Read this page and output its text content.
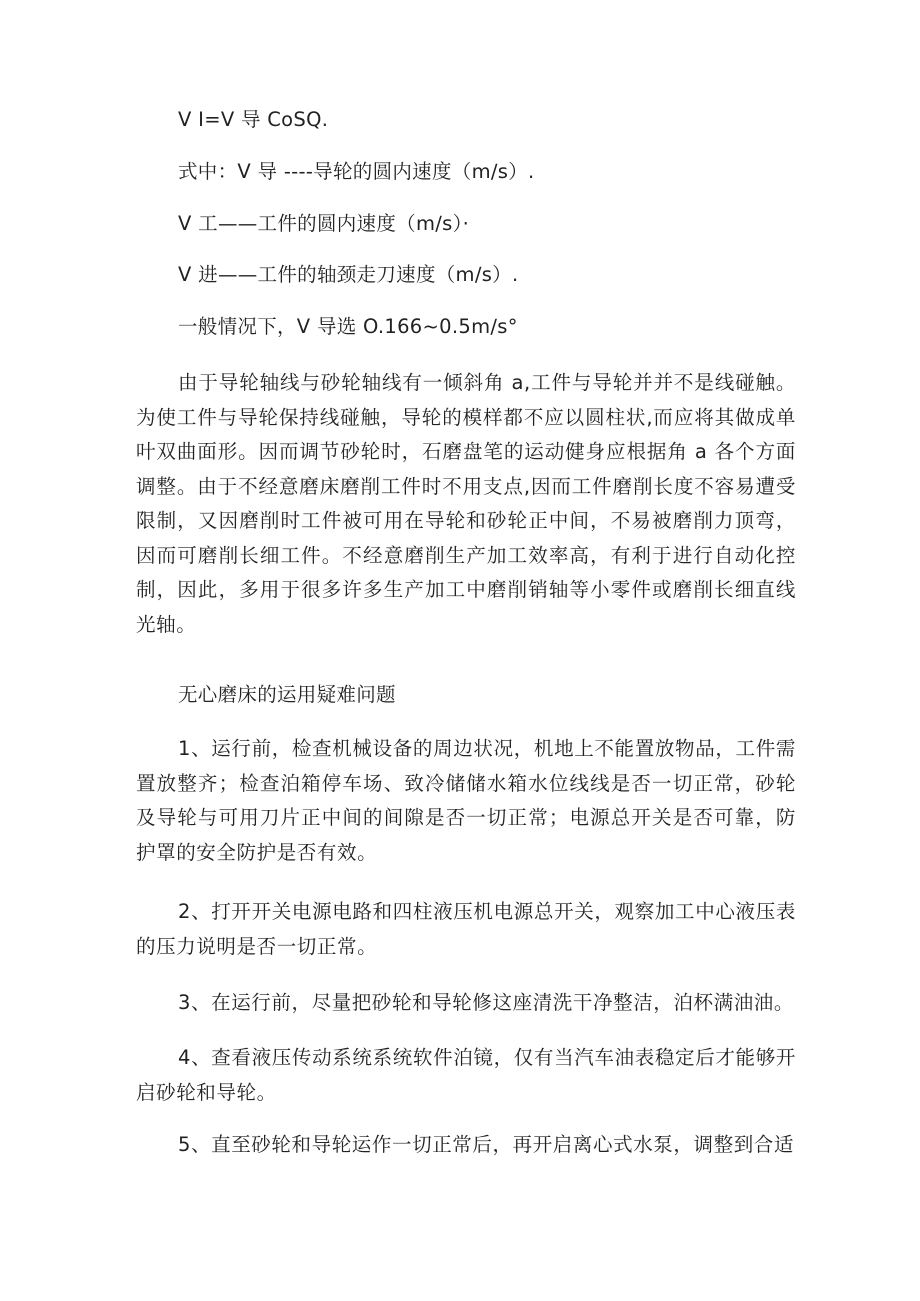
V I=V 导 CoSQ.
式中：V 导 ----导轮的圆内速度（m∕s）.
V 工——工件的圆内速度（m∕s）·
V 进——工件的轴颈走刀速度（m∕s）.
一般情况下，V 导选 O.166~0.5m∕s°
由于导轮轴线与砂轮轴线有一倾斜角 a,工件与导轮并并不是线碰触。为使工件与导轮保持线碰触，导轮的模样都不应以圆柱状,而应将其做成单叶双曲面形。因而调节砂轮时，石磨盘笔的运动健身应根据角 a 各个方面调整。由于不经意磨床磨削工件时不用支点,因而工件磨削长度不容易遭受限制，又因磨削时工件被可用在导轮和砂轮正中间，不易被磨削力顶弯，因而可磨削长细工件。不经意磨削生产加工效率高，有利于进行自动化控制，因此，多用于很多许多生产加工中磨削销轴等小零件或磨削长细直线光轴。
无心磨床的运用疑难问题
1、运行前，检查机械设备的周边状况，机地上不能置放物品，工件需置放整齐；检查泊箱停车场、致冷储储水箱水位线线是否一切正常，砂轮及导轮与可用刀片正中间的间隙是否一切正常；电源总开关是否可靠，防护罩的安全防护是否有效。
2、打开开关电源电路和四柱液压机电源总开关，观察加工中心液压表的压力说明是否一切正常。
3、在运行前，尽量把砂轮和导轮修这座清洗干净整洁，泊杯满油油。
4、查看液压传动系统系统软件泊镜，仅有当汽车油表稳定后才能够开启砂轮和导轮。
5、直至砂轮和导轮运作一切正常后，再开启离心式水泵，调整到合适
